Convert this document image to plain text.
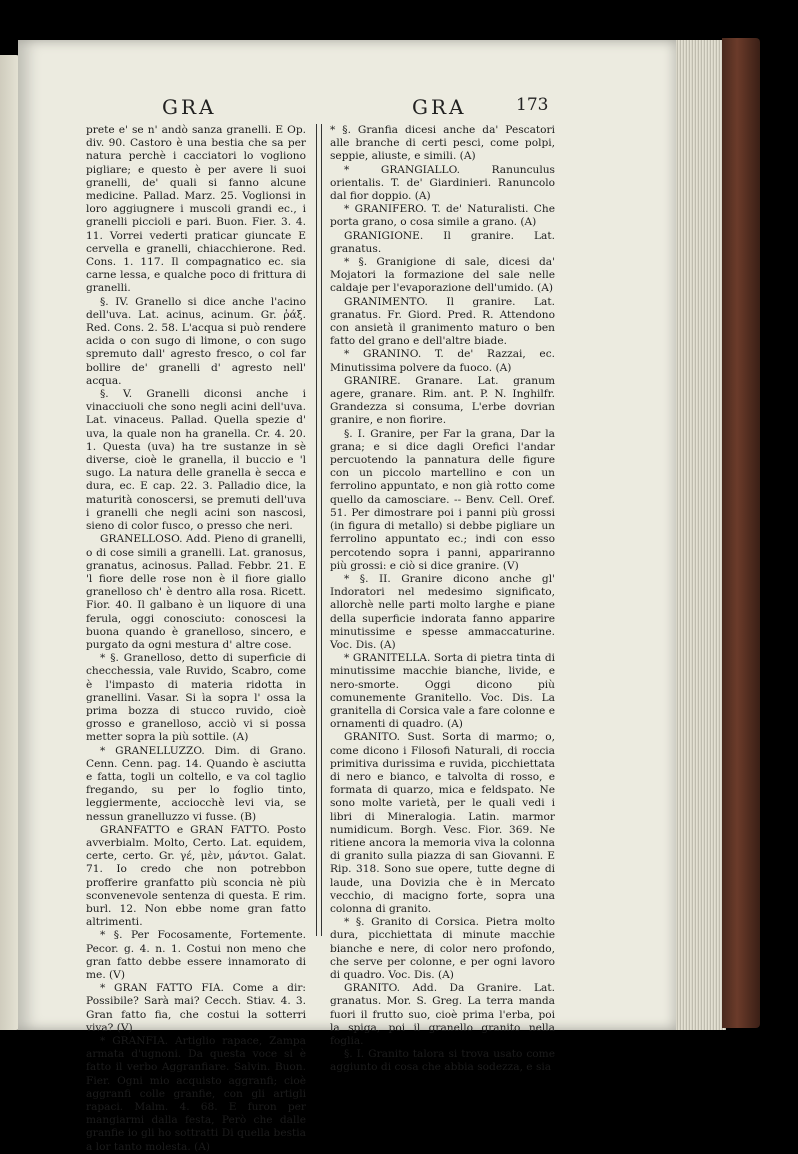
GRA	GRA	173

prete e' se n' andò sanza granelli. E Op. div. 90. Castoro è una bestia che sa per natura perchè i cacciatori lo vogliono pigliare; e questo è per avere li suoi granelli, de' quali si fanno alcune medicine. Pallad. Marz. 25. Voglionsi in loro aggiugnere i muscoli grandi ec., i granelli piccioli e pari. Buon. Fier. 3. 4. 11. Vorrei vederti praticar giuncate E cervella e granelli, chiacchierone. Red. Cons. 1. 117. Il compagnatico ec. sia carne lessa, e qualche poco di frittura di granelli.

§. IV. Granello si dice anche l'acino dell'uva. Lat. acinus, acinum. Gr. ῥάξ. Red. Cons. 2. 58. L'acqua si può rendere acida o con sugo di limone, o con sugo spremuto dall' agresto fresco, o col far bollire de' granelli d' agresto nell' acqua.

§. V. Granelli diconsi anche i vinacciuoli che sono negli acini dell'uva. Lat. vinaceus. Pallad. Quella spezie d' uva, la quale non ha granella. Cr. 4. 20. 1. Questa (uva) ha tre sustanze in sè diverse, cioè le granella, il buccio e 'l sugo. La natura delle granella è secca e dura, ec. E cap. 22. 3. Palladio dice, la maturità conoscersi, se premuti dell'uva i granelli che negli acini son nascosi, sieno di color fusco, o presso che neri.

GRANELLOSO. Add. Pieno di granelli, o di cose simili a granelli. Lat. granosus, granatus, acinosus. Pallad. Febbr. 21. E 'l fiore delle rose non è il fiore giallo granelloso ch' è dentro alla rosa. Ricett. Fior. 40. Il galbano è un liquore di una ferula, oggi conosciuto: conoscesi la buona quando è granelloso, sincero, e purgato da ogni mestura d' altre cose.

* §. Granelloso, detto di superficie di checchessia, vale Ruvido, Scabro, come è l'impasto di materia ridotta in granellini. Vasar. Si ìa sopra l' ossa la prima bozza di stucco ruvido, cioè grosso e granelloso, acciò vi si possa metter sopra la più sottile. (A)

* GRANELLUZZO. Dim. di Grano. Cenn. Cenn. pag. 14. Quando è asciutta e fatta, togli un coltello, e va col taglio fregando, su per lo foglio tinto, leggiermente, acciocchè levi via, se nessun granelluzzo vi fusse. (B)

GRANFATTO e GRAN FATTO. Posto avverbialm. Molto, Certo. Lat. equidem, certe, certo. Gr. γέ, μὲν, μάντοι. Galat. 71. Io credo che non potrebbon profferire granfatto più sconcia nè più sconvenevole sentenza di questa. E rim. burl. 12. Non ebbe nome gran fatto altrimenti.

* §. Per Focosamente, Fortemente. Pecor. g. 4. n. 1. Costui non meno che gran fatto debbe essere innamorato di me. (V)

* GRAN FATTO FIA. Come a dir: Possibile? Sarà mai? Cecch. Stiav. 4. 3. Gran fatto fia, che costui la sotterri viva? (V)

* GRANFIA. Artiglio rapace, Zampa armata d'ugnoni. Da questa voce si è fatto il verbo Aggranfiare. Salvin. Buon. Fier. Ogni mio acquisto aggranfi; cioè aggranfi colle granfie, con gli artigli rapaci. Malm. 4. 68. E furon per mangiarmi dalla festa, Però che dalle granfie io gli ho sottratti Di quella bestia a lor tanto molesta. (A)

* §. Granfia dicesi anche da' Pescatori alle branche di certi pesci, come polpi, seppie, aliuste, e simili. (A)

* GRANGIALLO. Ranunculus orientalis. T. de' Giardinieri. Ranuncolo dal fior doppio. (A)

* GRANIFERO. T. de' Naturalisti. Che porta grano, o cosa simile a grano. (A)

GRANIGIONE. Il granire. Lat. granatus.

* §. Granigione di sale, dicesi da' Mojatori la formazione del sale nelle caldaje per l'evaporazione dell'umido. (A)

GRANIMENTO. Il granire. Lat. granatus. Fr. Giord. Pred. R. Attendono con ansietà il granimento maturo o ben fatto del grano e dell'altre biade.

* GRANINO. T. de' Razzai, ec. Minutissima polvere da fuoco. (A)

GRANIRE. Granare. Lat. granum agere, granare. Rim. ant. P. N. Inghilfr. Grandezza si consuma, L'erbe dovrian granire, e non fiorire.

§. I. Granire, per Far la grana, Dar la grana; e si dice dagli Orefici l'andar percuotendo la pannatura delle figure con un piccolo martellino e con un ferrolino appuntato, e non già rotto come quello da camosciare. -- Benv. Cell. Oref. 51. Per dimostrare poi i panni più grossi (in figura di metallo) si debbe pigliare un ferrolino appuntato ec.; indi con esso percotendo sopra i panni, appariranno più grossi: e ciò si dice granire. (V)

* §. II. Granire dicono anche gl' Indoratori nel medesimo significato, allorchè nelle parti molto larghe e piane della superficie indorata fanno apparire minutissime e spesse ammaccaturine. Voc. Dis. (A)

* GRANITELLA. Sorta di pietra tinta di minutissime macchie bianche, livide, e nero-smorte. Oggi dicono più comunemente Granitello. Voc. Dis. La granitella di Corsica vale a fare colonne e ornamenti di quadro. (A)

GRANITO. Sust. Sorta di marmo; o, come dicono i Filosofi Naturali, di roccia primitiva durissima e ruvida, picchiettata di nero e bianco, e talvolta di rosso, e formata di quarzo, mica e feldspato. Ne sono molte varietà, per le quali vedi i libri di Mineralogia. Latin. marmor numidicum. Borgh. Vesc. Fior. 369. Ne ritiene ancora la memoria viva la colonna di granito sulla piazza di san Giovanni. E Rip. 318. Sono sue opere, tutte degne di laude, una Dovizia che è in Mercato vecchio, di macigno forte, sopra una colonna di granito.

* §. Granito di Corsica. Pietra molto dura, picchiettata di minute macchie bianche e nere, di color nero profondo, che serve per colonne, e per ogni lavoro di quadro. Voc. Dis. (A)

GRANITO. Add. Da Granire. Lat. granatus. Mor. S. Greg. La terra manda fuori il frutto suo, cioè prima l'erba, poi la spiga, poi il granello granito nella foglia.

§. I. Granito talora si trova usato come aggiunto di cosa che abbia sodezza, e sia
